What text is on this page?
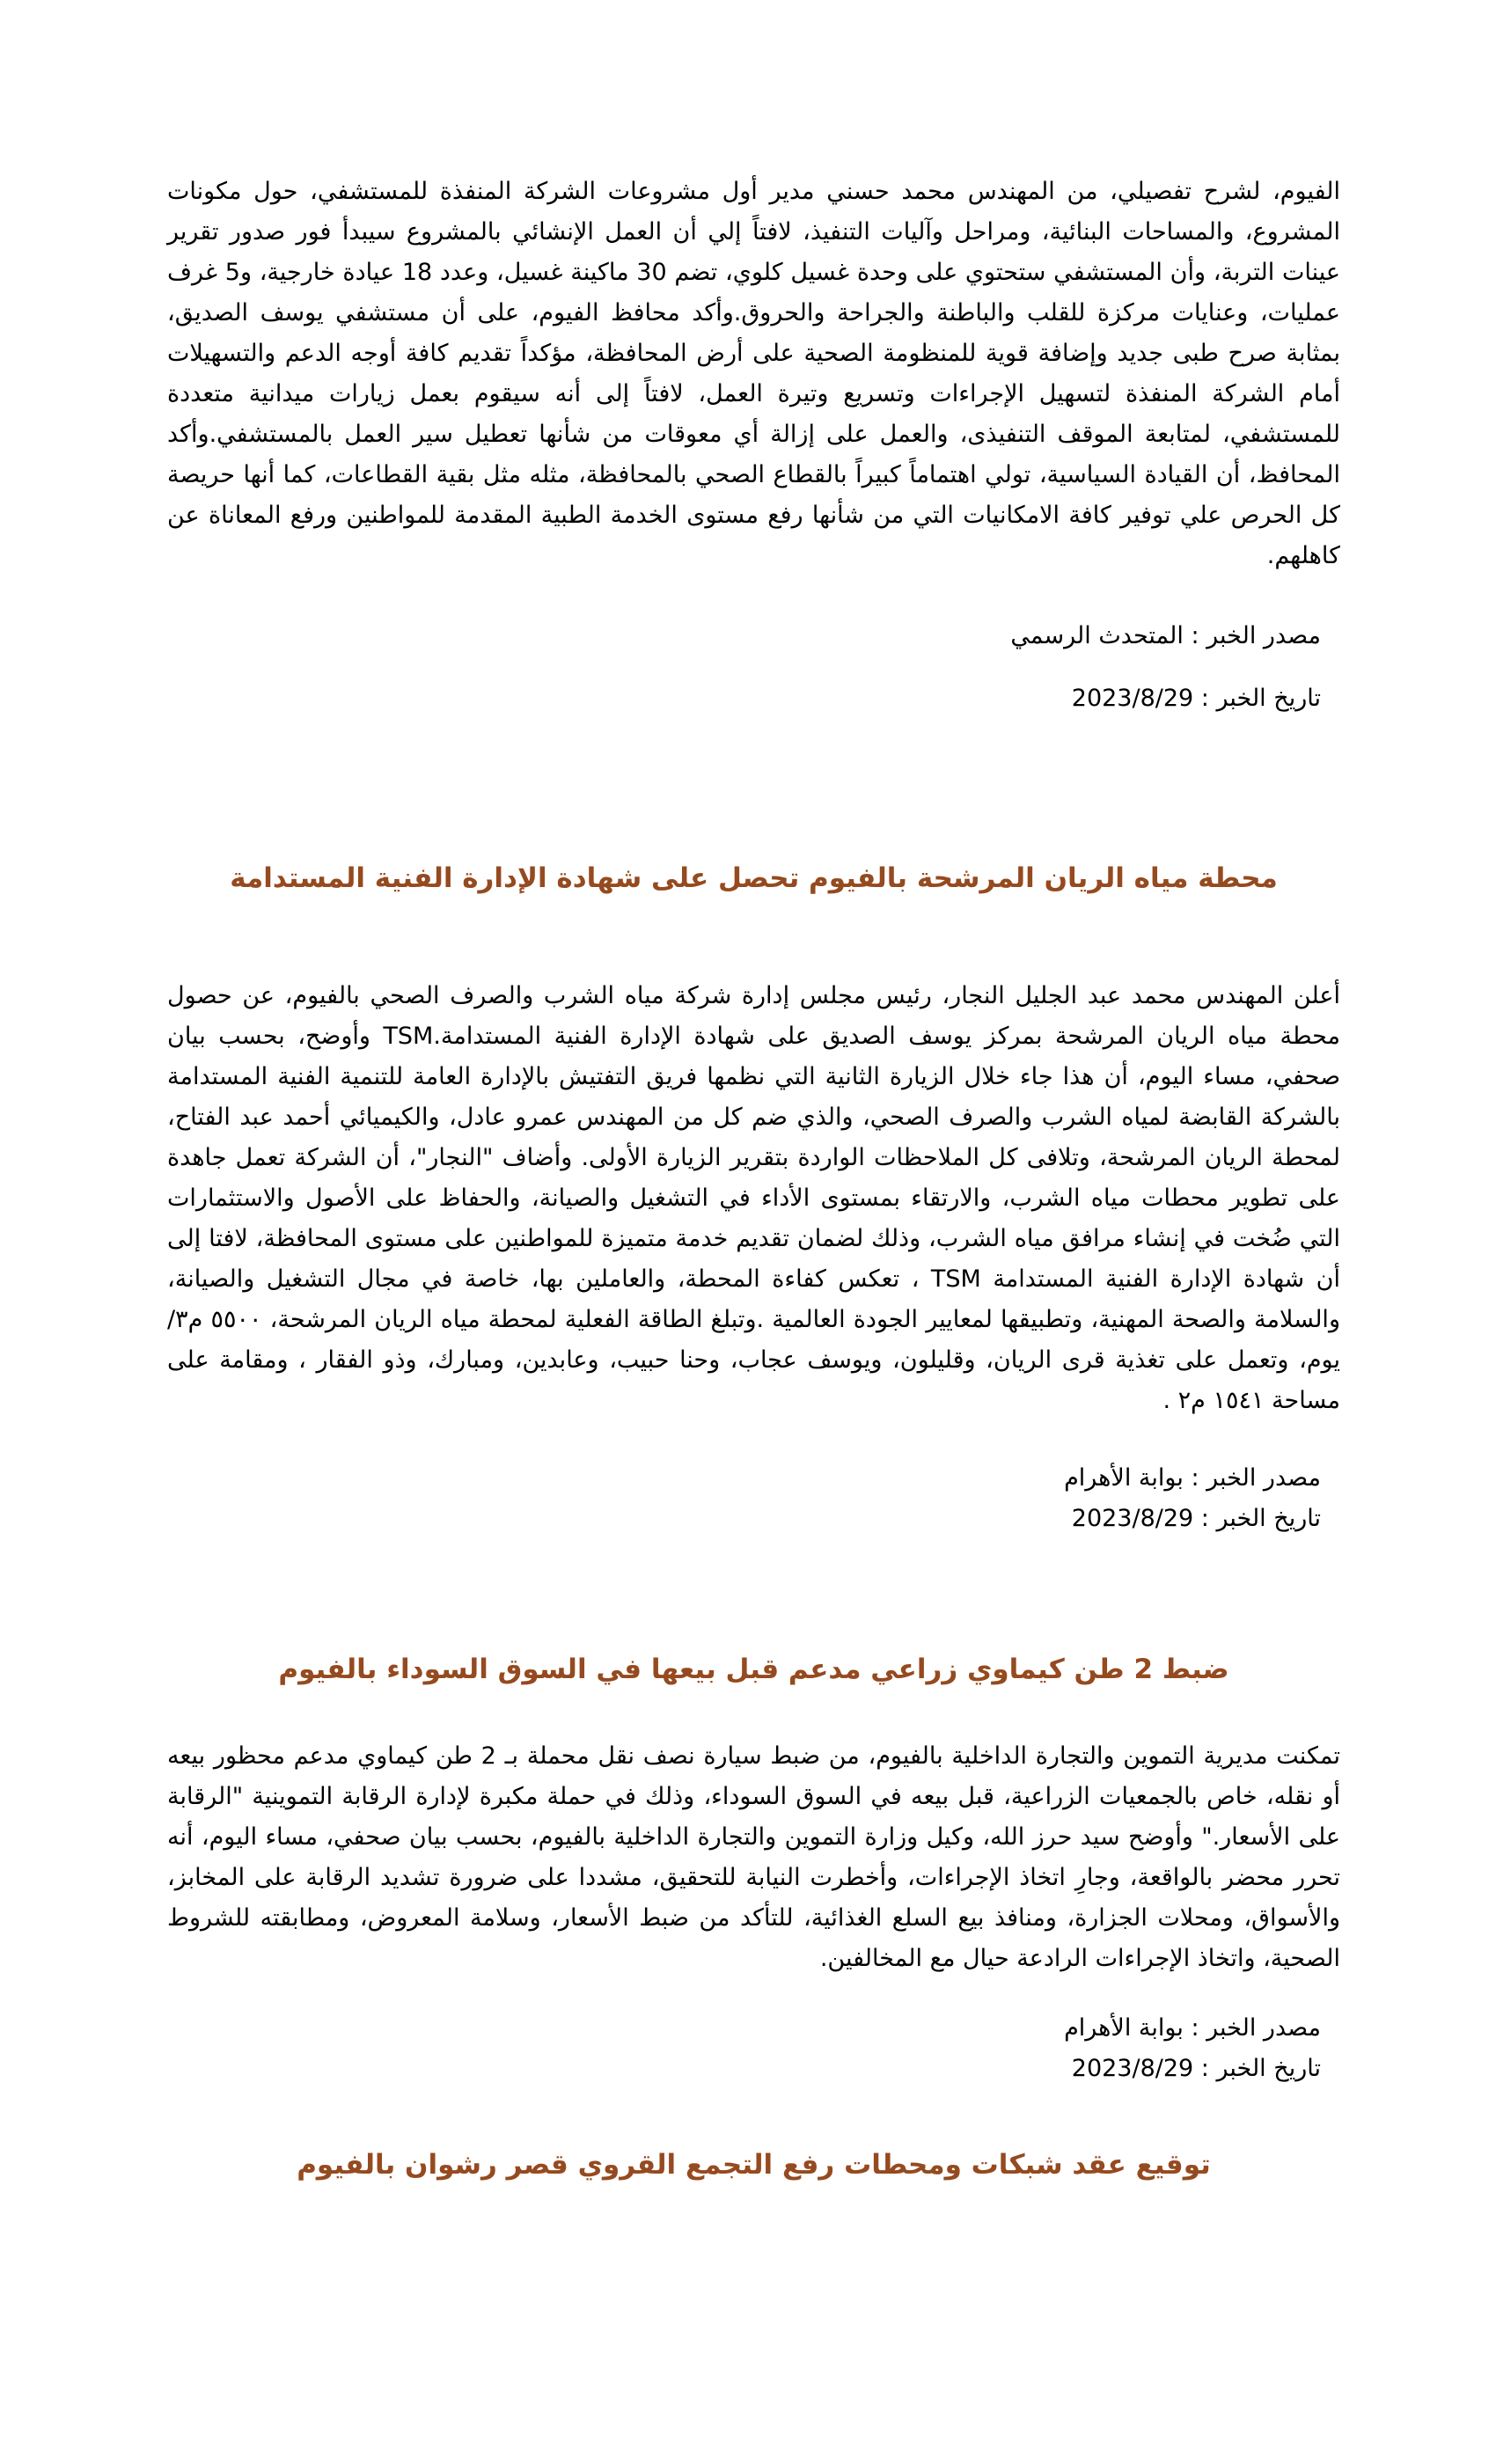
الفيوم، لشرح تفصيلي، من المهندس محمد حسني مدير أول مشروعات الشركة المنفذة للمستشفي، حول مكونات المشروع، والمساحات البنائية، ومراحل وآليات التنفيذ، لافتاً إلي أن العمل الإنشائي بالمشروع سيبدأ فور صدور تقرير عينات التربة، وأن المستشفي ستحتوي على وحدة غسيل كلوي، تضم 30 ماكينة غسيل، وعدد 18 عيادة خارجية، و5 غرف عمليات، وعنايات مركزة للقلب والباطنة والجراحة والحروق.وأكد محافظ الفيوم، على أن مستشفي يوسف الصديق، بمثابة صرح طبى جديد وإضافة قوية للمنظومة الصحية على أرض المحافظة، مؤكداً تقديم كافة أوجه الدعم والتسهيلات أمام الشركة المنفذة لتسهيل الإجراءات وتسريع وتيرة العمل، لافتاً إلى أنه سيقوم بعمل زيارات ميدانية متعددة للمستشفي، لمتابعة الموقف التنفيذى، والعمل على إزالة أي معوقات من شأنها تعطيل سير العمل بالمستشفي.وأكد المحافظ، أن القيادة السياسية، تولي اهتماماً كبيراً بالقطاع الصحي بالمحافظة، مثله مثل بقية القطاعات، كما أنها حريصة كل الحرص علي توفير كافة الامكانيات التي من شأنها رفع مستوى الخدمة الطبية المقدمة للمواطنين ورفع المعاناة عن كاهلهم.

مصدر الخبر : المتحدث الرسمي
تاريخ الخبر : 2023/8/29
محطة مياه الريان المرشحة بالفيوم تحصل على شهادة الإدارة الفنية المستدامة

أعلن المهندس محمد عبد الجليل النجار، رئيس مجلس إدارة شركة مياه الشرب والصرف الصحي بالفيوم، عن حصول محطة مياه الريان المرشحة بمركز يوسف الصديق على شهادة الإدارة الفنية المستدامة.TSM وأوضح، بحسب بيان صحفي، مساء اليوم، أن هذا جاء خلال الزيارة الثانية التي نظمها فريق التفتيش بالإدارة العامة للتنمية الفنية المستدامة بالشركة القابضة لمياه الشرب والصرف الصحي، والذي ضم كل من المهندس عمرو عادل، والكيميائي أحمد عبد الفتاح، لمحطة الريان المرشحة، وتلافى كل الملاحظات الواردة بتقرير الزيارة الأولى. وأضاف "النجار"، أن الشركة تعمل جاهدة على تطوير محطات مياه الشرب، والارتقاء بمستوى الأداء في التشغيل والصيانة، والحفاظ على الأصول والاستثمارات التي ضُخت في إنشاء مرافق مياه الشرب، وذلك لضمان تقديم خدمة متميزة للمواطنين على مستوى المحافظة، لافتا إلى أن شهادة الإدارة الفنية المستدامة TSM ، تعكس كفاءة المحطة، والعاملين بها، خاصة في مجال التشغيل والصيانة، والسلامة والصحة المهنية، وتطبيقها لمعايير الجودة العالمية .وتبلغ الطاقة الفعلية لمحطة مياه الريان المرشحة، ٥٥٠٠ م٣/يوم، وتعمل على تغذية قرى الريان، وقليلون، ويوسف عجاب، وحنا حبيب، وعابدين، ومبارك، وذو الفقار ، ومقامة على مساحة ١٥٤١ م٢ .

مصدر الخبر : بوابة الأهرام
تاريخ الخبر : 2023/8/29
ضبط 2 طن كيماوي زراعي مدعم قبل بيعها في السوق السوداء بالفيوم

تمكنت مديرية التموين والتجارة الداخلية بالفيوم، من ضبط سيارة نصف نقل محملة بـ 2 طن كيماوي مدعم محظور بيعه أو نقله، خاص بالجمعيات الزراعية، قبل بيعه في السوق السوداء، وذلك في حملة مكبرة لإدارة الرقابة التموينية "الرقابة على الأسعار." وأوضح سيد حرز الله، وكيل وزارة التموين والتجارة الداخلية بالفيوم، بحسب بيان صحفي، مساء اليوم، أنه تحرر محضر بالواقعة، وجارِ اتخاذ الإجراءات، وأخطرت النيابة للتحقيق، مشددا على ضرورة تشديد الرقابة على المخابز، والأسواق، ومحلات الجزارة، ومنافذ بيع السلع الغذائية، للتأكد من ضبط الأسعار، وسلامة المعروض، ومطابقته للشروط الصحية، واتخاذ الإجراءات الرادعة حيال مع المخالفين.

مصدر الخبر : بوابة الأهرام
تاريخ الخبر : 2023/8/29
توقيع عقد شبكات ومحطات رفع التجمع القروي قصر رشوان بالفيوم
